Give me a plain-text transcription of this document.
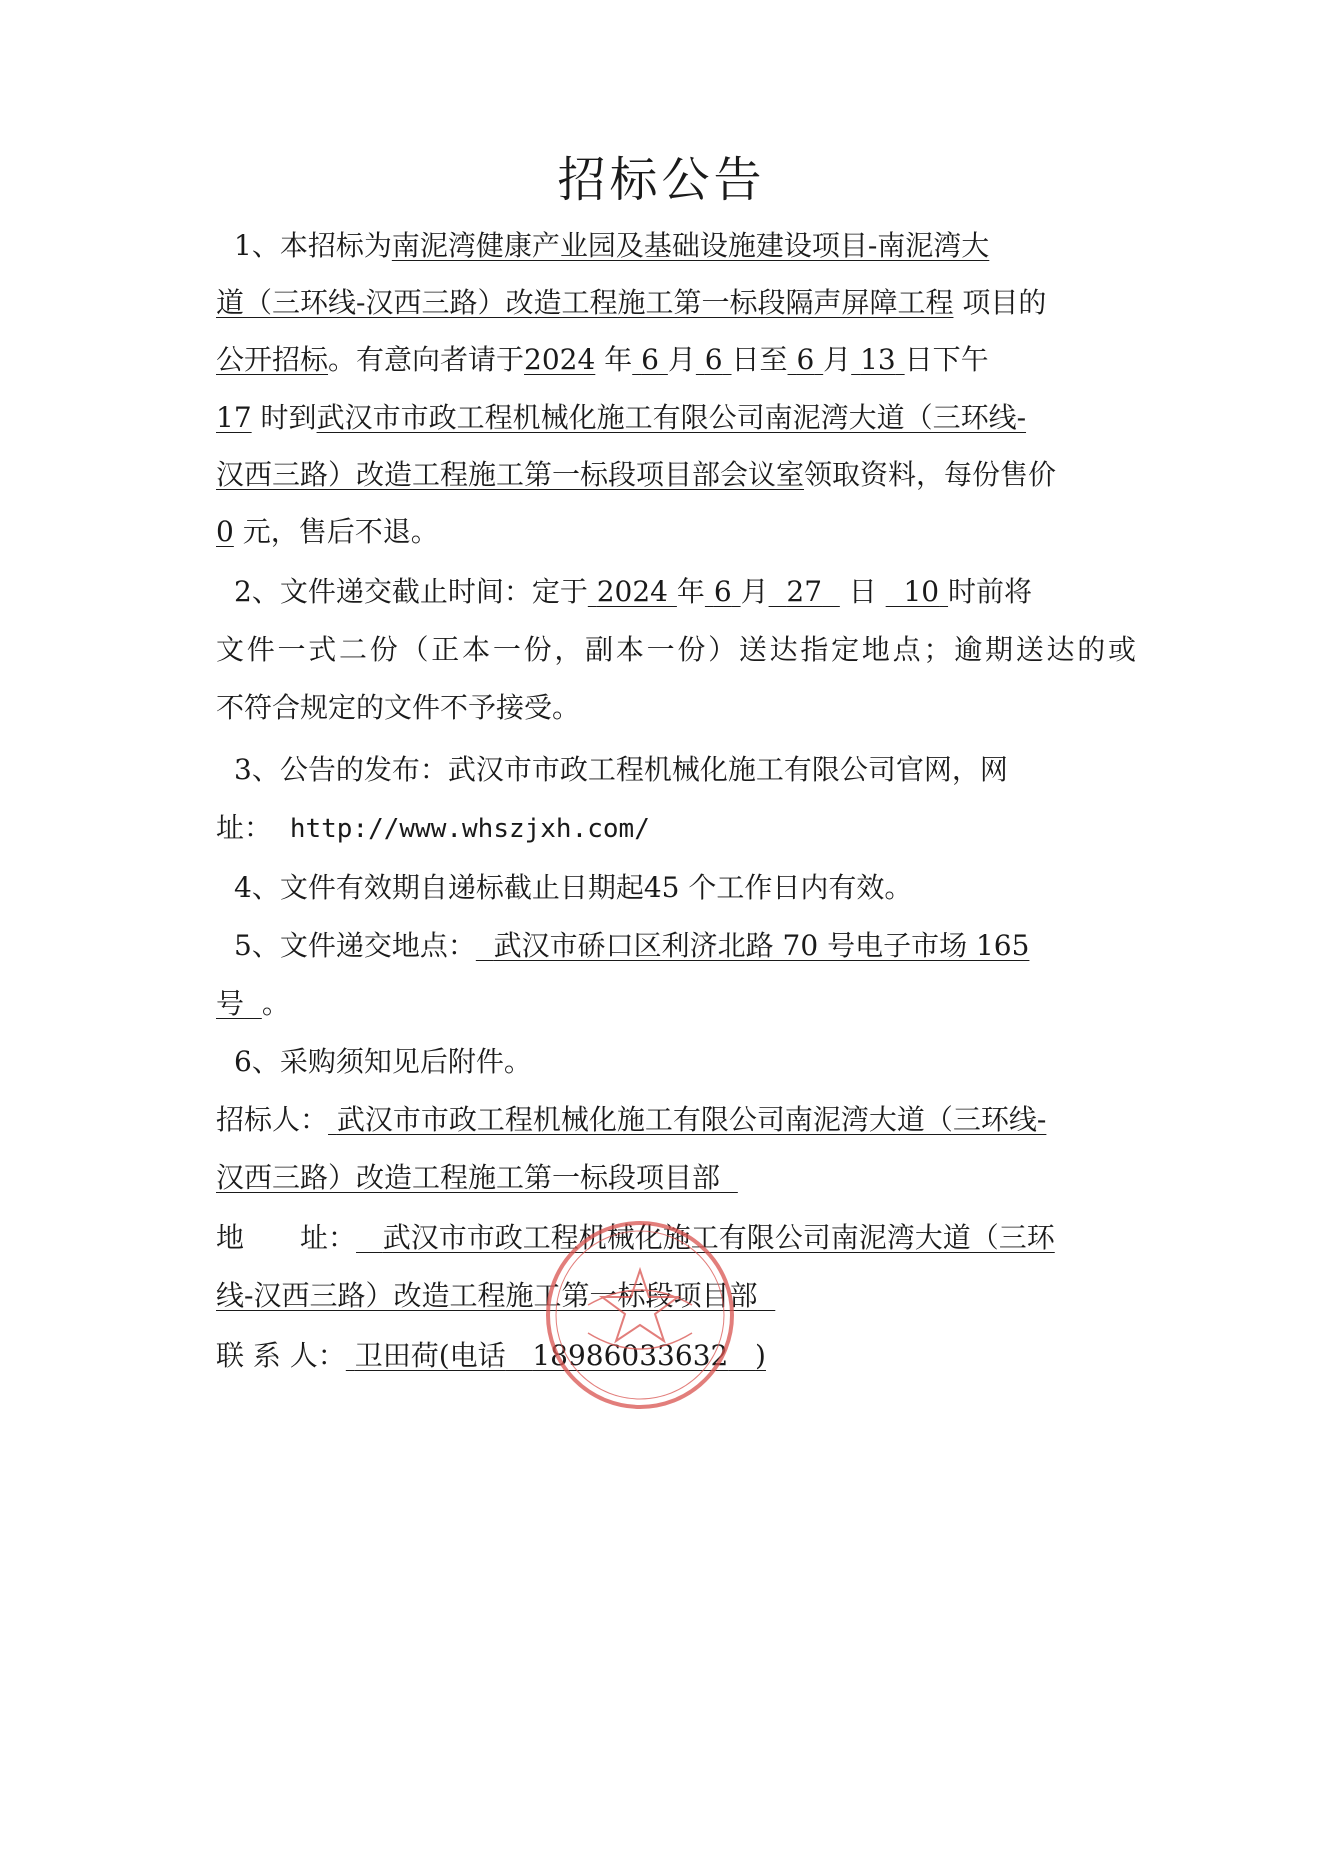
招标公告
1、本招标为南泥湾健康产业园及基础设施建设项目-南泥湾大
道（三环线-汉西三路）改造工程施工第一标段隔声屏障工程 项目的
公开招标。有意向者请于2024 年 6 月 6 日至 6 月 13 日下午
17 时到武汉市市政工程机械化施工有限公司南泥湾大道（三环线-
汉西三路）改造工程施工第一标段项目部会议室领取资料，每份售价
0 元，售后不退。
2、文件递交截止时间：定于 2024 年 6 月 27 日 10 时前将
文件一式二份（正本一份，副本一份）送达指定地点；逾期送达的或
不符合规定的文件不予接受。
3、公告的发布：武汉市市政工程机械化施工有限公司官网，网
址： http://www.whszjxh.com/
4、文件有效期自递标截止日期起45 个工作日内有效。
5、文件递交地点： 武汉市硚口区利济北路 70 号电子市场 165
号 。
6、采购须知见后附件。
招标人： 武汉市市政工程机械化施工有限公司南泥湾大道（三环线-
汉西三路）改造工程施工第一标段项目部
地 址： 武汉市市政工程机械化施工有限公司南泥湾大道（三环
线-汉西三路）改造工程施工第一标段项目部
联 系 人： 卫田荷(电话 18986033632 )
